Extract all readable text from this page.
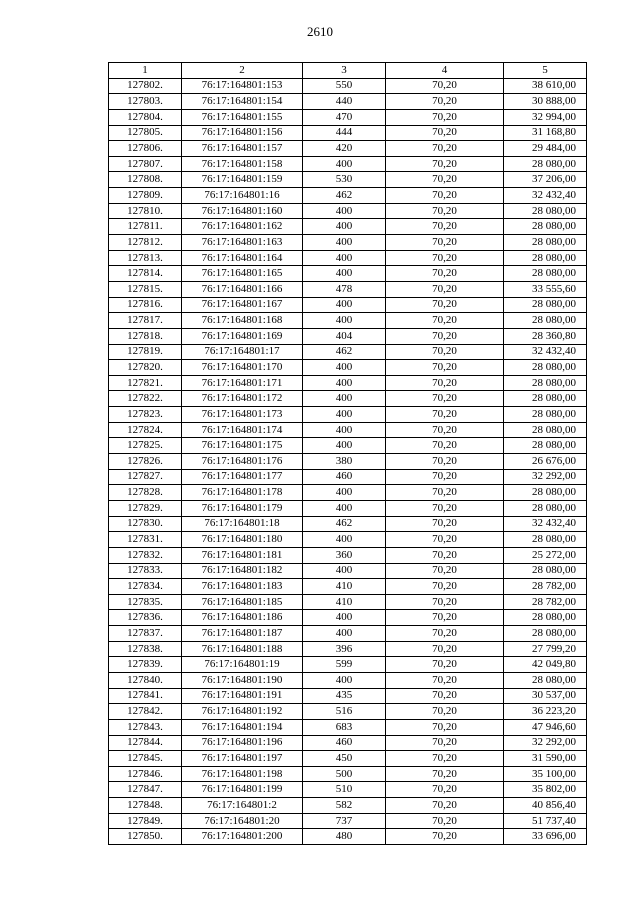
2610
1	2	3	4	5
127802.	76:17:164801:153	550	70,20	38 610,00
127803.	76:17:164801:154	440	70,20	30 888,00
127804.	76:17:164801:155	470	70,20	32 994,00
127805.	76:17:164801:156	444	70,20	31 168,80
127806.	76:17:164801:157	420	70,20	29 484,00
127807.	76:17:164801:158	400	70,20	28 080,00
127808.	76:17:164801:159	530	70,20	37 206,00
127809.	76:17:164801:16	462	70,20	32 432,40
127810.	76:17:164801:160	400	70,20	28 080,00
127811.	76:17:164801:162	400	70,20	28 080,00
127812.	76:17:164801:163	400	70,20	28 080,00
127813.	76:17:164801:164	400	70,20	28 080,00
127814.	76:17:164801:165	400	70,20	28 080,00
127815.	76:17:164801:166	478	70,20	33 555,60
127816.	76:17:164801:167	400	70,20	28 080,00
127817.	76:17:164801:168	400	70,20	28 080,00
127818.	76:17:164801:169	404	70,20	28 360,80
127819.	76:17:164801:17	462	70,20	32 432,40
127820.	76:17:164801:170	400	70,20	28 080,00
127821.	76:17:164801:171	400	70,20	28 080,00
127822.	76:17:164801:172	400	70,20	28 080,00
127823.	76:17:164801:173	400	70,20	28 080,00
127824.	76:17:164801:174	400	70,20	28 080,00
127825.	76:17:164801:175	400	70,20	28 080,00
127826.	76:17:164801:176	380	70,20	26 676,00
127827.	76:17:164801:177	460	70,20	32 292,00
127828.	76:17:164801:178	400	70,20	28 080,00
127829.	76:17:164801:179	400	70,20	28 080,00
127830.	76:17:164801:18	462	70,20	32 432,40
127831.	76:17:164801:180	400	70,20	28 080,00
127832.	76:17:164801:181	360	70,20	25 272,00
127833.	76:17:164801:182	400	70,20	28 080,00
127834.	76:17:164801:183	410	70,20	28 782,00
127835.	76:17:164801:185	410	70,20	28 782,00
127836.	76:17:164801:186	400	70,20	28 080,00
127837.	76:17:164801:187	400	70,20	28 080,00
127838.	76:17:164801:188	396	70,20	27 799,20
127839.	76:17:164801:19	599	70,20	42 049,80
127840.	76:17:164801:190	400	70,20	28 080,00
127841.	76:17:164801:191	435	70,20	30 537,00
127842.	76:17:164801:192	516	70,20	36 223,20
127843.	76:17:164801:194	683	70,20	47 946,60
127844.	76:17:164801:196	460	70,20	32 292,00
127845.	76:17:164801:197	450	70,20	31 590,00
127846.	76:17:164801:198	500	70,20	35 100,00
127847.	76:17:164801:199	510	70,20	35 802,00
127848.	76:17:164801:2	582	70,20	40 856,40
127849.	76:17:164801:20	737	70,20	51 737,40
127850.	76:17:164801:200	480	70,20	33 696,00
